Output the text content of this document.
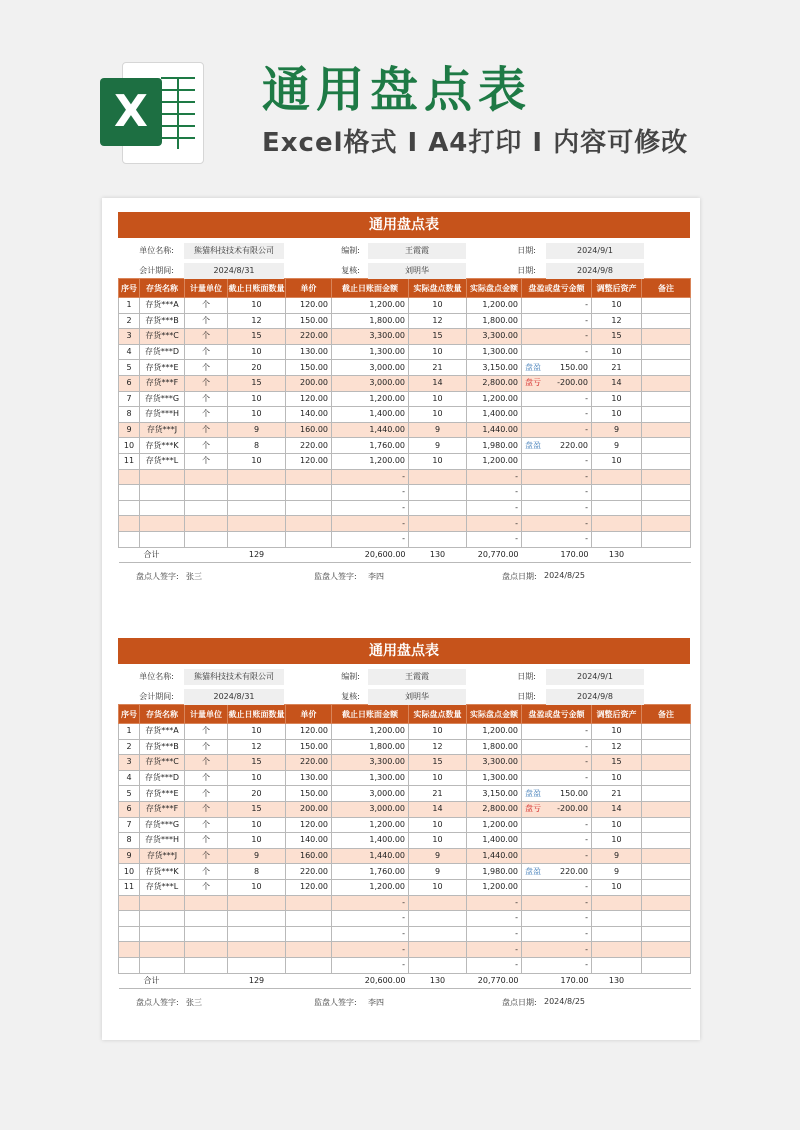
X 通用盘点表
Excel格式 I A4打印 I 内容可修改
通用盘点表
单位名称:	熊猫科技技术有限公司	编制:	王霞霞	日期:	2024/9/1
会计期间:	2024/8/31	复核:	刘明华	日期:	2024/9/8
序号	存货名称	计量单位	截止日账面数量	单价	截止日账面金额	实际盘点数量	实际盘点金额	盘盈或盘亏金额	调整后资产	备注
1	存货***A	个	10	120.00	1,200.00	10	1,200.00	-	10	
2	存货***B	个	12	150.00	1,800.00	12	1,800.00	-	12	
3	存货***C	个	15	220.00	3,300.00	15	3,300.00	-	15	
4	存货***D	个	10	130.00	1,300.00	10	1,300.00	-	10	
5	存货***E	个	20	150.00	3,000.00	21	3,150.00	盘盈 150.00	21	
6	存货***F	个	15	200.00	3,000.00	14	2,800.00	盘亏 -200.00	14	
7	存货***G	个	10	120.00	1,200.00	10	1,200.00	-	10	
8	存货***H	个	10	140.00	1,400.00	10	1,400.00	-	10	
9	存货***J	个	9	160.00	1,440.00	9	1,440.00	-	9	
10	存货***K	个	8	220.00	1,760.00	9	1,980.00	盘盈 220.00	9	
11	存货***L	个	10	120.00	1,200.00	10	1,200.00	-	10	
					-		-	-		
					-		-	-		
					-		-	-		
					-		-	-		
					-		-	-		
合计			129		20,600.00	130	20,770.00	170.00	130	
盘点人签字: 张三	监盘人签字: 李四	盘点日期: 2024/8/25
通用盘点表
单位名称:	熊猫科技技术有限公司	编制:	王霞霞	日期:	2024/9/1
会计期间:	2024/8/31	复核:	刘明华	日期:	2024/9/8
序号	存货名称	计量单位	截止日账面数量	单价	截止日账面金额	实际盘点数量	实际盘点金额	盘盈或盘亏金额	调整后资产	备注
1	存货***A	个	10	120.00	1,200.00	10	1,200.00	-	10	
2	存货***B	个	12	150.00	1,800.00	12	1,800.00	-	12	
3	存货***C	个	15	220.00	3,300.00	15	3,300.00	-	15	
4	存货***D	个	10	130.00	1,300.00	10	1,300.00	-	10	
5	存货***E	个	20	150.00	3,000.00	21	3,150.00	盘盈 150.00	21	
6	存货***F	个	15	200.00	3,000.00	14	2,800.00	盘亏 -200.00	14	
7	存货***G	个	10	120.00	1,200.00	10	1,200.00	-	10	
8	存货***H	个	10	140.00	1,400.00	10	1,400.00	-	10	
9	存货***J	个	9	160.00	1,440.00	9	1,440.00	-	9	
10	存货***K	个	8	220.00	1,760.00	9	1,980.00	盘盈 220.00	9	
11	存货***L	个	10	120.00	1,200.00	10	1,200.00	-	10	
					-		-	-		
					-		-	-		
					-		-	-		
					-		-	-		
					-		-	-		
合计			129		20,600.00	130	20,770.00	170.00	130	
盘点人签字: 张三	监盘人签字: 李四	盘点日期: 2024/8/25
